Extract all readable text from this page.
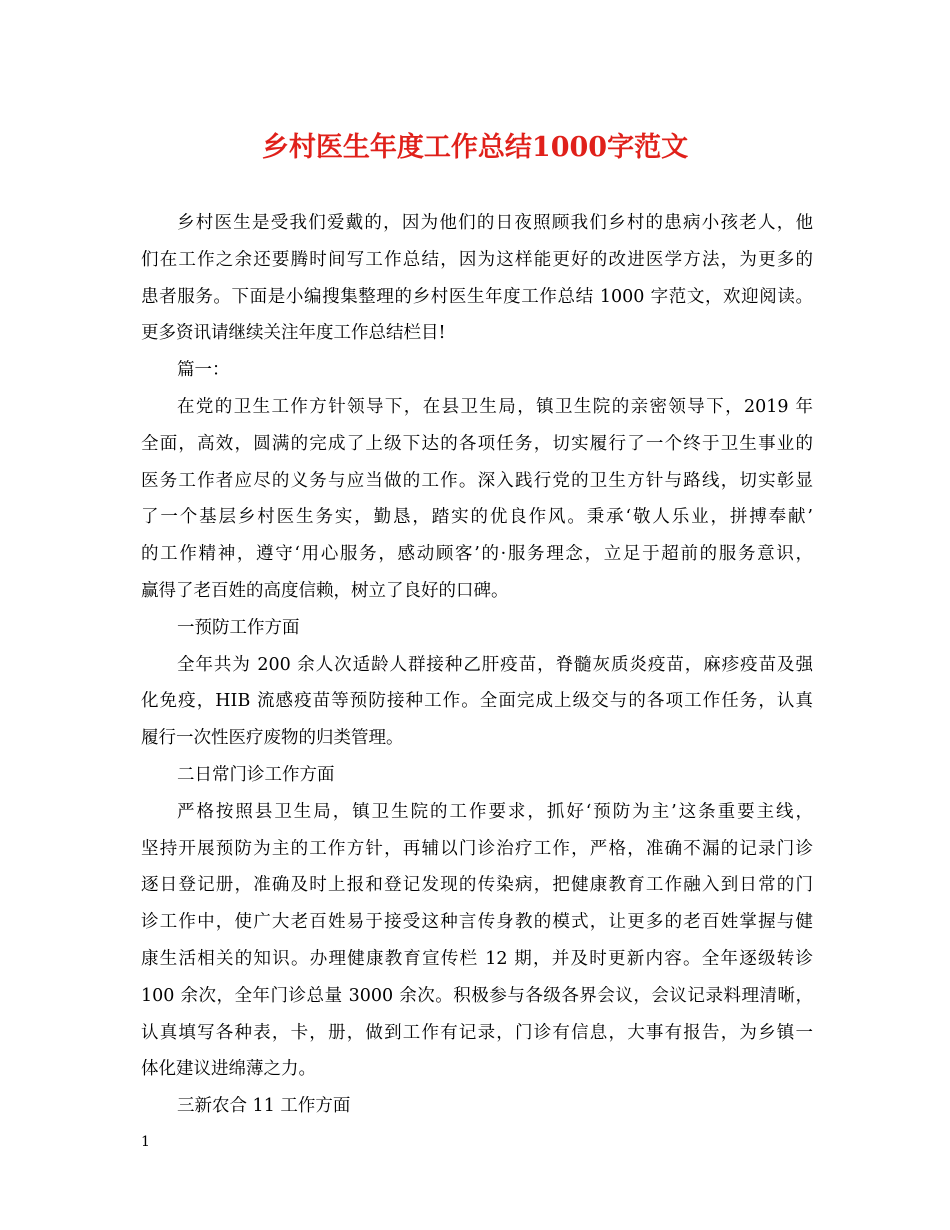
乡村医生年度工作总结1000字范文
乡村医生是受我们爱戴的，因为他们的日夜照顾我们乡村的患病小孩老人，他
们在工作之余还要腾时间写工作总结，因为这样能更好的改进医学方法，为更多的
患者服务。下面是小编搜集整理的乡村医生年度工作总结 1000 字范文，欢迎阅读。
更多资讯请继续关注年度工作总结栏目!
篇一：
在党的卫生工作方针领导下，在县卫生局，镇卫生院的亲密领导下，2019 年
全面，高效，圆满的完成了上级下达的各项任务，切实履行了一个终于卫生事业的
医务工作者应尽的义务与应当做的工作。深入践行党的卫生方针与路线，切实彰显
了一个基层乡村医生务实，勤恳，踏实的优良作风。秉承‘敬人乐业，拼搏奉献’
的工作精神，遵守‘用心服务，感动顾客’的·服务理念，立足于超前的服务意识，
赢得了老百姓的高度信赖，树立了良好的口碑。
一预防工作方面
全年共为 200 余人次适龄人群接种乙肝疫苗，脊髓灰质炎疫苗，麻疹疫苗及强
化免疫，HIB 流感疫苗等预防接种工作。全面完成上级交与的各项工作任务，认真
履行一次性医疗废物的归类管理。
二日常门诊工作方面
严格按照县卫生局，镇卫生院的工作要求，抓好‘预防为主’这条重要主线，
坚持开展预防为主的工作方针，再辅以门诊治疗工作，严格，准确不漏的记录门诊
逐日登记册，准确及时上报和登记发现的传染病，把健康教育工作融入到日常的门
诊工作中，使广大老百姓易于接受这种言传身教的模式，让更多的老百姓掌握与健
康生活相关的知识。办理健康教育宣传栏 12 期，并及时更新内容。全年逐级转诊
100 余次，全年门诊总量 3000 余次。积极参与各级各界会议，会议记录料理清晰，
认真填写各种表，卡，册，做到工作有记录，门诊有信息，大事有报告，为乡镇一
体化建议进绵薄之力。
三新农合 11 工作方面
1
